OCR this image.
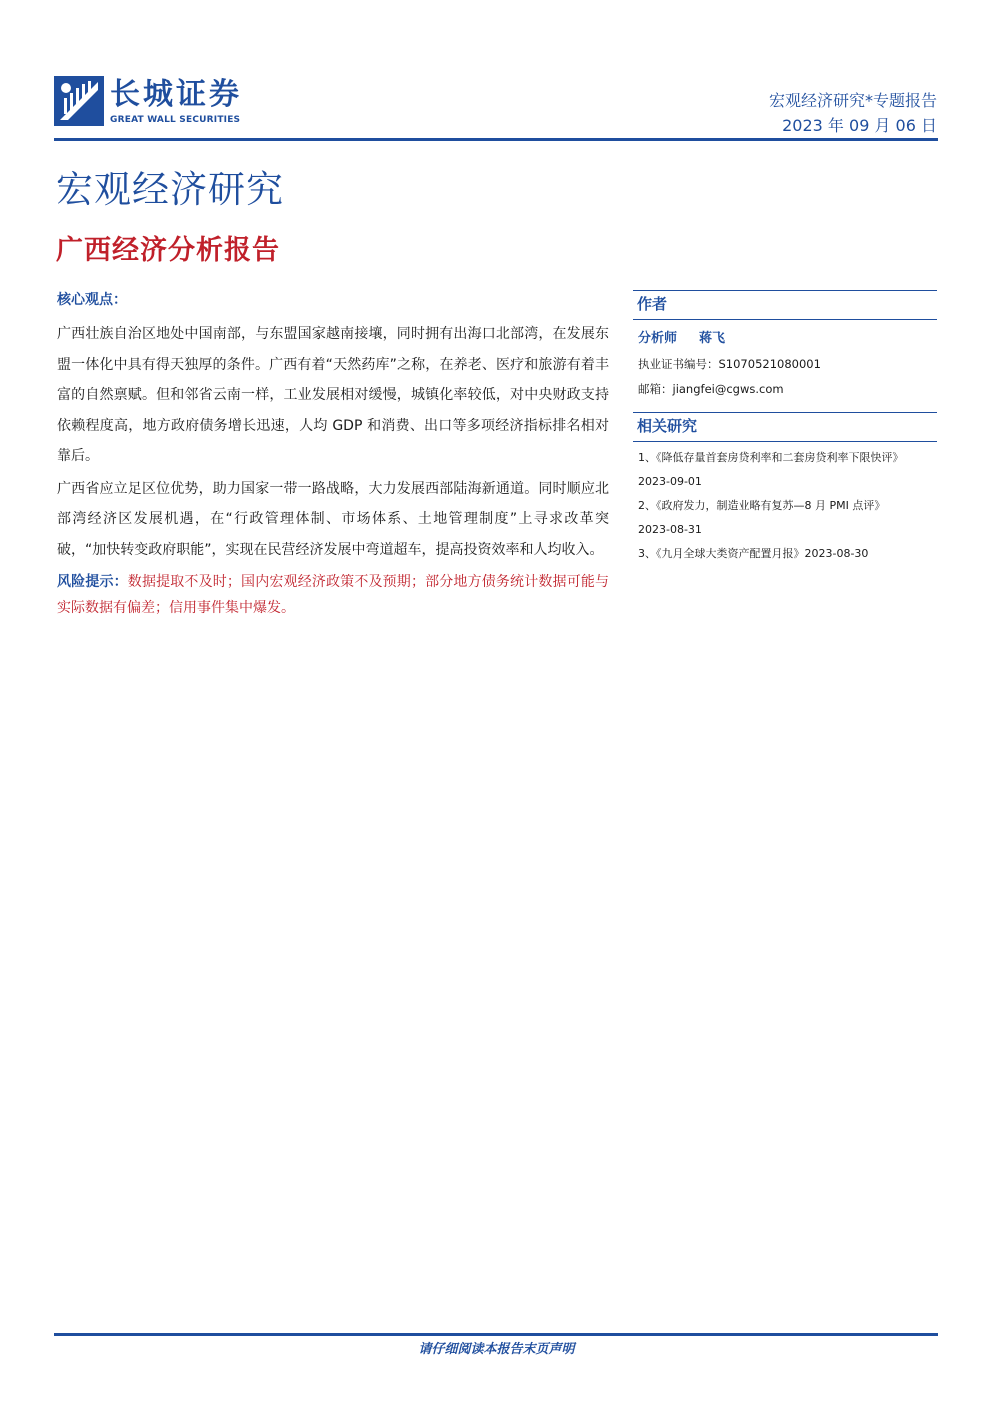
长城证券
GREAT WALL SECURITIES
宏观经济研究*专题报告
2023 年 09 月 06 日
宏观经济研究
广西经济分析报告
核心观点：

广西壮族自治区地处中国南部，与东盟国家越南接壤，同时拥有出海口北部湾，在发展东盟一体化中具有得天独厚的条件。广西有着“天然药库”之称，在养老、医疗和旅游有着丰富的自然禀赋。但和邻省云南一样，工业发展相对缓慢，城镇化率较低，对中央财政支持依赖程度高，地方政府债务增长迅速，人均 GDP 和消费、出口等多项经济指标排名相对靠后。

广西省应立足区位优势，助力国家一带一路战略，大力发展西部陆海新通道。同时顺应北部湾经济区发展机遇，在“行政管理体制、市场体系、土地管理制度”上寻求改革突破，“加快转变政府职能”，实现在民营经济发展中弯道超车，提高投资效率和人均收入。

风险提示：数据提取不及时；国内宏观经济政策不及预期；部分地方债务统计数据可能与实际数据有偏差；信用事件集中爆发。
作者
分析师 蒋飞
执业证书编号：S1070521080001
邮箱：jiangfei@cgws.com
相关研究
1、《降低存量首套房贷利率和二套房贷利率下限快评》
2023-09-01
2、《政府发力，制造业略有复苏—8 月 PMI 点评》
2023-08-31
3、《九月全球大类资产配置月报》2023-08-30
请仔细阅读本报告末页声明
